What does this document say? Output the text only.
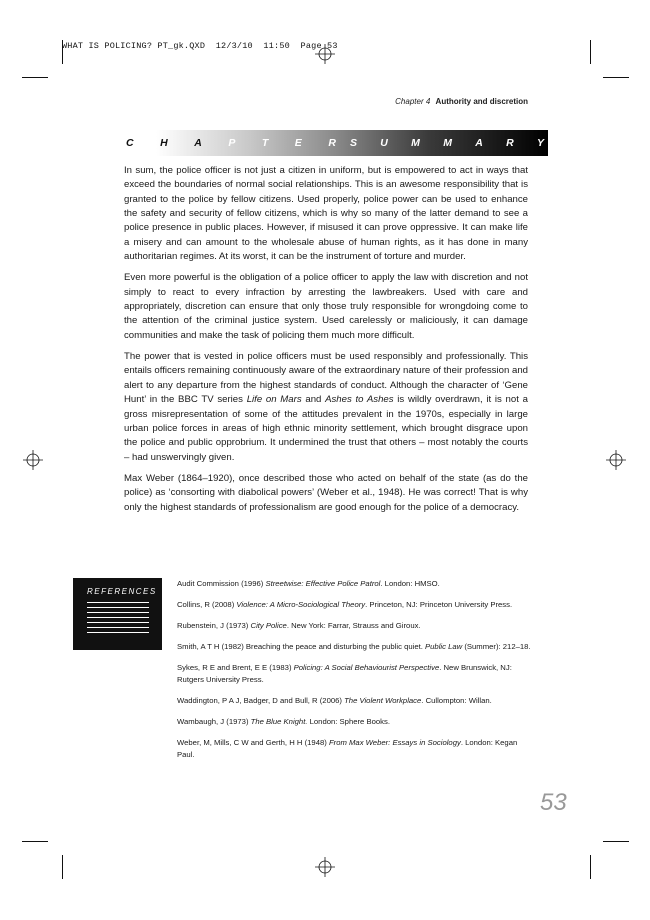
WHAT IS POLICING? PT_gk.QXD  12/3/10  11:50  Page 53
Chapter 4 Authority and discretion
C	H	A	P	T	E	R S U M M A R Y

In sum, the police officer is not just a citizen in uniform, but is empowered to act in ways that exceed the boundaries of normal social relationships. This is an awesome responsibility that is granted to the police by fellow citizens. Used properly, police power can be used to enhance the safety and security of fellow citizens, which is why so many of the latter demand to see a police presence in public places. However, if misused it can prove oppressive. It can make life a misery and can amount to the wholesale abuse of human rights, as it has done in many authoritarian regimes. At its worst, it can be the instrument of torture and murder.

Even more powerful is the obligation of a police officer to apply the law with discretion and not simply to react to every infraction by arresting the lawbreakers. Used with care and appropriately, discretion can ensure that only those truly responsible for wrongdoing come to the attention of the criminal justice system. Used carelessly or maliciously, it can damage communities and make the task of policing them much more difficult.

The power that is vested in police officers must be used responsibly and professionally. This entails officers remaining continuously aware of the extraordinary nature of their profession and alert to any departure from the highest standards of conduct. Although the character of ‘Gene Hunt’ in the BBC TV series Life on Mars and Ashes to Ashes is wildly overdrawn, it is not a gross misrepresentation of some of the attitudes prevalent in the 1970s, especially in large urban police forces in areas of high ethnic minority settlement, which brought disgrace upon the police and public opprobrium. It undermined the trust that others – most notably the courts – had unswervingly given.

Max Weber (1864–1920), once described those who acted on behalf of the state (as do the police) as ‘consorting with diabolical powers’ (Weber et al., 1948). He was correct! That is why only the highest standards of professionalism are good enough for the police of a democracy.

REFERENCES
Audit Commission (1996) Streetwise: Effective Police Patrol. London: HMSO.
Collins, R (2008) Violence: A Micro-Sociological Theory. Princeton, NJ: Princeton University Press.
Rubenstein, J (1973) City Police. New York: Farrar, Strauss and Giroux.
Smith, A T H (1982) Breaching the peace and disturbing the public quiet. Public Law (Summer): 212–18.
Sykes, R E and Brent, E E (1983) Policing: A Social Behaviourist Perspective. New Brunswick, NJ: Rutgers University Press.
Waddington, P A J, Badger, D and Bull, R (2006) The Violent Workplace. Cullompton: Willan.
Wambaugh, J (1973) The Blue Knight. London: Sphere Books.
Weber, M, Mills, C W and Gerth, H H (1948) From Max Weber: Essays in Sociology. London: Kegan Paul.
53
